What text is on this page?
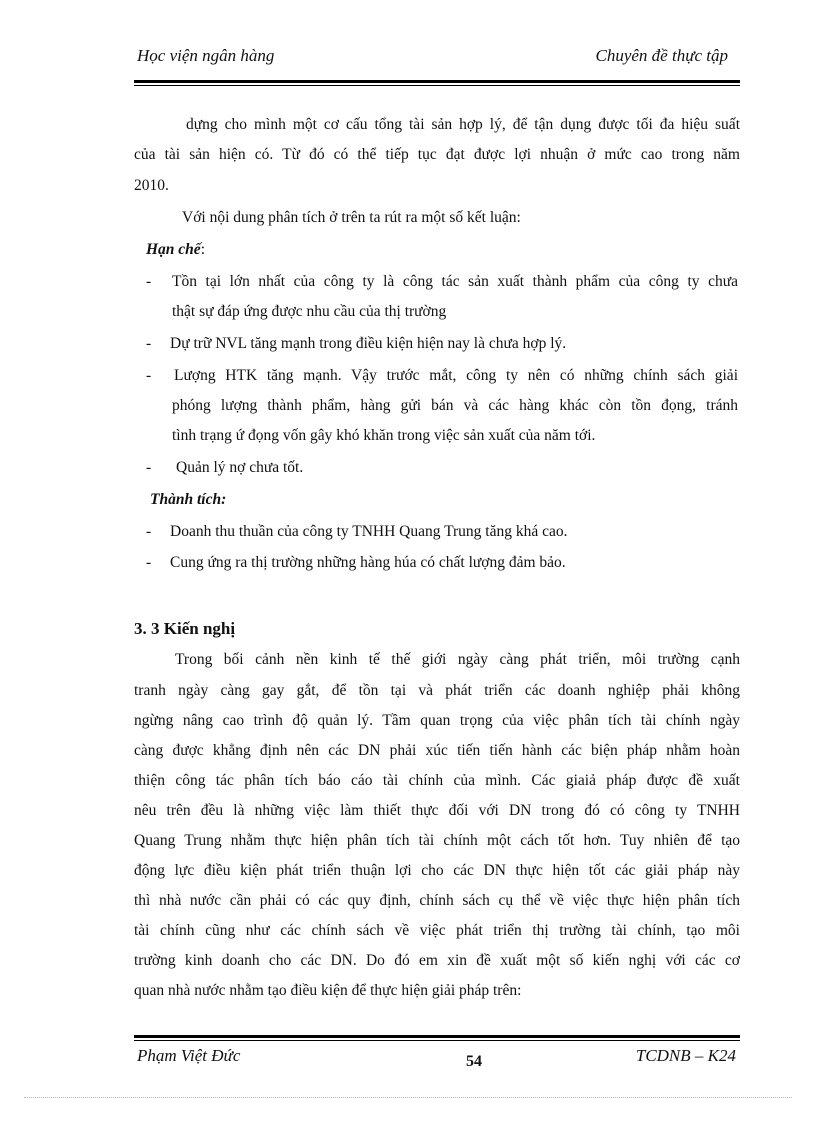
Học viện ngân hàng	Chuyên đề thực tập
dựng cho mình một cơ cấu tổng tài sản hợp lý, để tận dụng được tối đa hiệu suất
của tài sản hiện có. Từ đó có thể tiếp tục đạt được lợi nhuận ở mức cao trong năm
2010.
Với nội dung phân tích ở trên ta rút ra một số kết luận:
Hạn chế:
- Tồn tại lớn nhất của công ty là công tác sản xuất thành phẩm của công ty chưa
thật sự đáp ứng được nhu cầu của thị trường
- Dự trữ NVL tăng mạnh trong điều kiện hiện nay là chưa hợp lý.
- Lượng HTK tăng mạnh. Vậy trước mắt, công ty nên có những chính sách giải
phóng lượng thành phẩm, hàng gửi bán và các hàng khác còn tồn đọng, tránh
tình trạng ứ đọng vốn gây khó khăn trong việc sản xuất của năm tới.
- Quản lý nợ chưa tốt.
Thành tích:
- Doanh thu thuần của công ty TNHH Quang Trung tăng khá cao.
- Cung ứng ra thị trường những hàng húa có chất lượng đảm bảo.
3. 3 Kiến nghị
Trong bối cảnh nền kinh tế thế giới ngày càng phát triển, môi trường cạnh
tranh ngày càng gay gắt, để tồn tại và phát triển các doanh nghiệp phải không
ngừng nâng cao trình độ quản lý. Tầm quan trọng của việc phân tích tài chính ngày
càng được khẳng định nên các DN phải xúc tiến tiến hành các biện pháp nhằm hoàn
thiện công tác phân tích báo cáo tài chính của mình. Các giaiả pháp được đề xuất
nêu trên đều là những việc làm thiết thực đối với DN trong đó có công ty TNHH
Quang Trung nhằm thực hiện phân tích tài chính một cách tốt hơn. Tuy nhiên để tạo
động lực điều kiện phát triển thuận lợi cho các DN thực hiện tốt các giải pháp này
thì nhà nước cần phải có các quy định, chính sách cụ thể về việc thực hiện phân tích
tài chính cũng như các chính sách về việc phát triển thị trường tài chính, tạo môi
trường kinh doanh cho các DN. Do đó em xin đề xuất một số kiến nghị với các cơ
quan nhà nước nhằm tạo điều kiện để thực hiện giải pháp trên:
Phạm Việt Đức	54	TCDNB – K24
